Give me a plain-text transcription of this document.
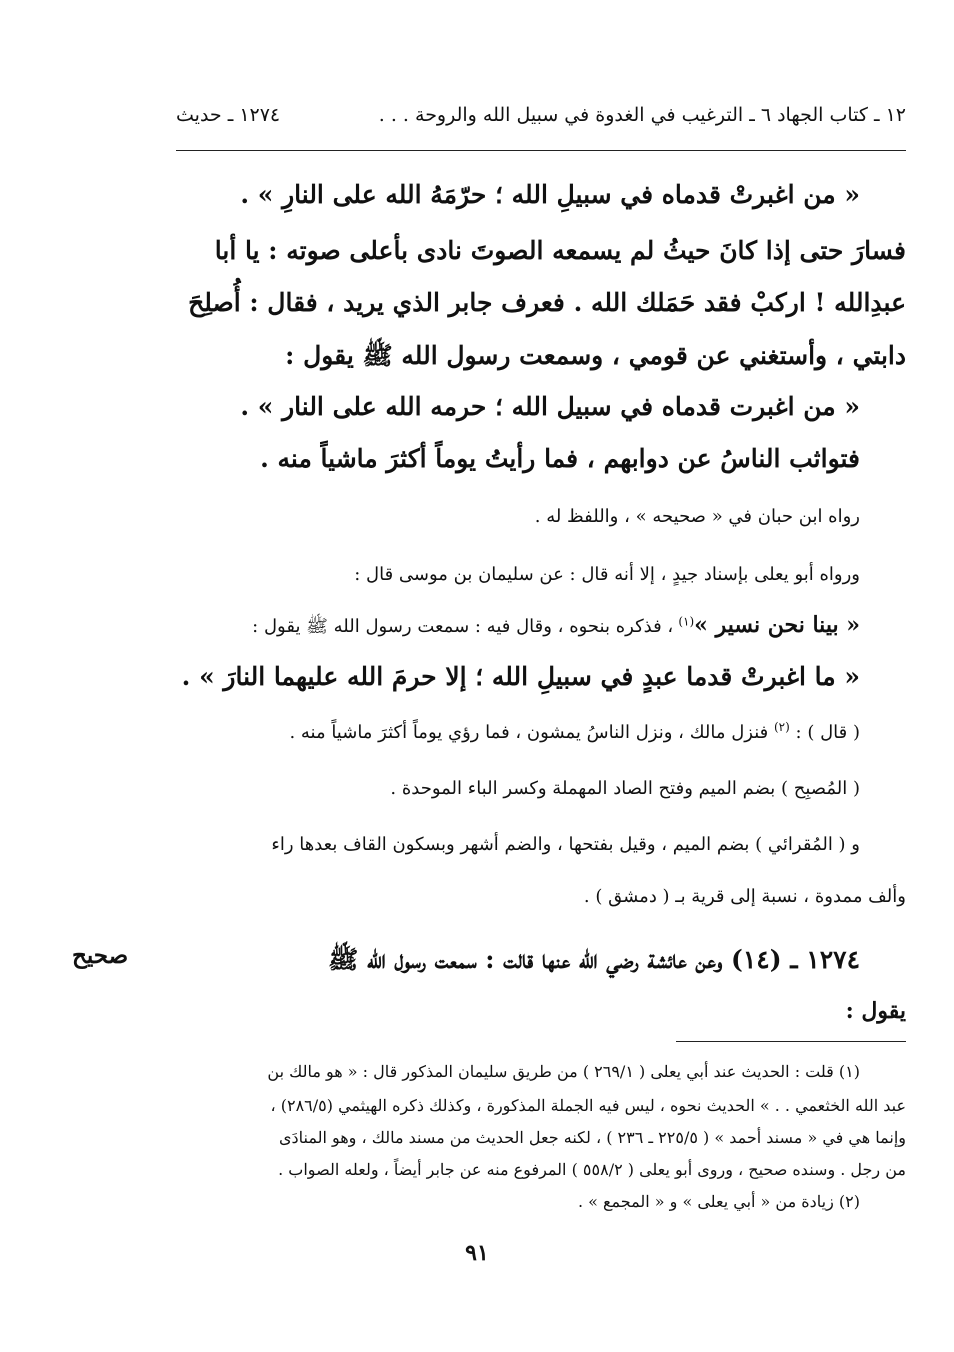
١٢ ـ كتاب الجهاد ٦ ـ الترغيب في الغدوة في سبيل الله والروحة . . .
١٢٧٤ ـ حديث
« من اغبرتْ قدماه في سبيلِ الله ؛ حرّمَهُ الله على النارِ » .
فسارَ حتى إذا كانَ حيثُ لم يسمعه الصوتَ نادى بأعلى صوته : يا أبا
عبدِالله ! اركبْ فقد حَمَلك الله . فعرف جابر الذي يريد ، فقال : أُصلِحَ
دابتي ، وأستغني عن قومي ، وسمعت رسول الله ﷺ يقول :
« من اغبرت قدماه في سبيل الله ؛ حرمه الله على النار » .
فتواثب الناسُ عن دوابهم ، فما رأيتُ يوماً أكثرَ ماشياً منه .
رواه ابن حبان في « صحيحه » ، واللفظ له .
ورواه أبو يعلى بإسناد جيدٍ ، إلا أنه قال : عن سليمان بن موسى قال :
« بينا نحن نسير »$^{(١)}$ ، فذكره بنحوه ، وقال فيه : سمعت رسول الله ﷺ يقول :
« ما اغبرتْ قدما عبدٍ في سبيلِ الله ؛ إلا حرمَ الله عليهما النارَ » .
( قال ) : $^{(٢)}$ فنزل مالك ، ونزل الناسُ يمشون ، فما رؤي يوماً أكثرَ ماشياً منه .
( المُصبِح ) بضم الميم وفتح الصاد المهملة وكسر الباء الموحدة .
و ( المُقرائي ) بضم الميم ، وقيل بفتحها ، والضم أشهر وبسكون القاف بعدها راء
وألف ممدوة ، نسبة إلى قرية بـ ( دمشق ) .
١٢٧٤ ـ (١٤) وعن عائشة رضي الله عنها قالت : سمعت رسول الله ﷺ
يقول :
صحيح
(١) قلت : الحديث عند أبي يعلى ( ٢٦٩/١ ) من طريق سليمان المذكور قال : « هو مالك بن
عبد الله الخثعمي . . » الحديث نحوه ، ليس فيه الجملة المذكورة ، وكذلك ذكره الهيثمي (٢٨٦/٥) ،
وإنما هي في « مسند أحمد » ( ٢٢٥/٥ ـ ٢٣٦ ) ، لكنه جعل الحديث من مسند مالك ، وهو المنادَى
من رجل . وسنده صحيح ، وروى أبو يعلى ( ٥٥٨/٢ ) المرفوع منه عن جابر أيضاً ، ولعله الصواب .
(٢) زيادة من « أبي يعلى » و « المجمع » .
٩١
